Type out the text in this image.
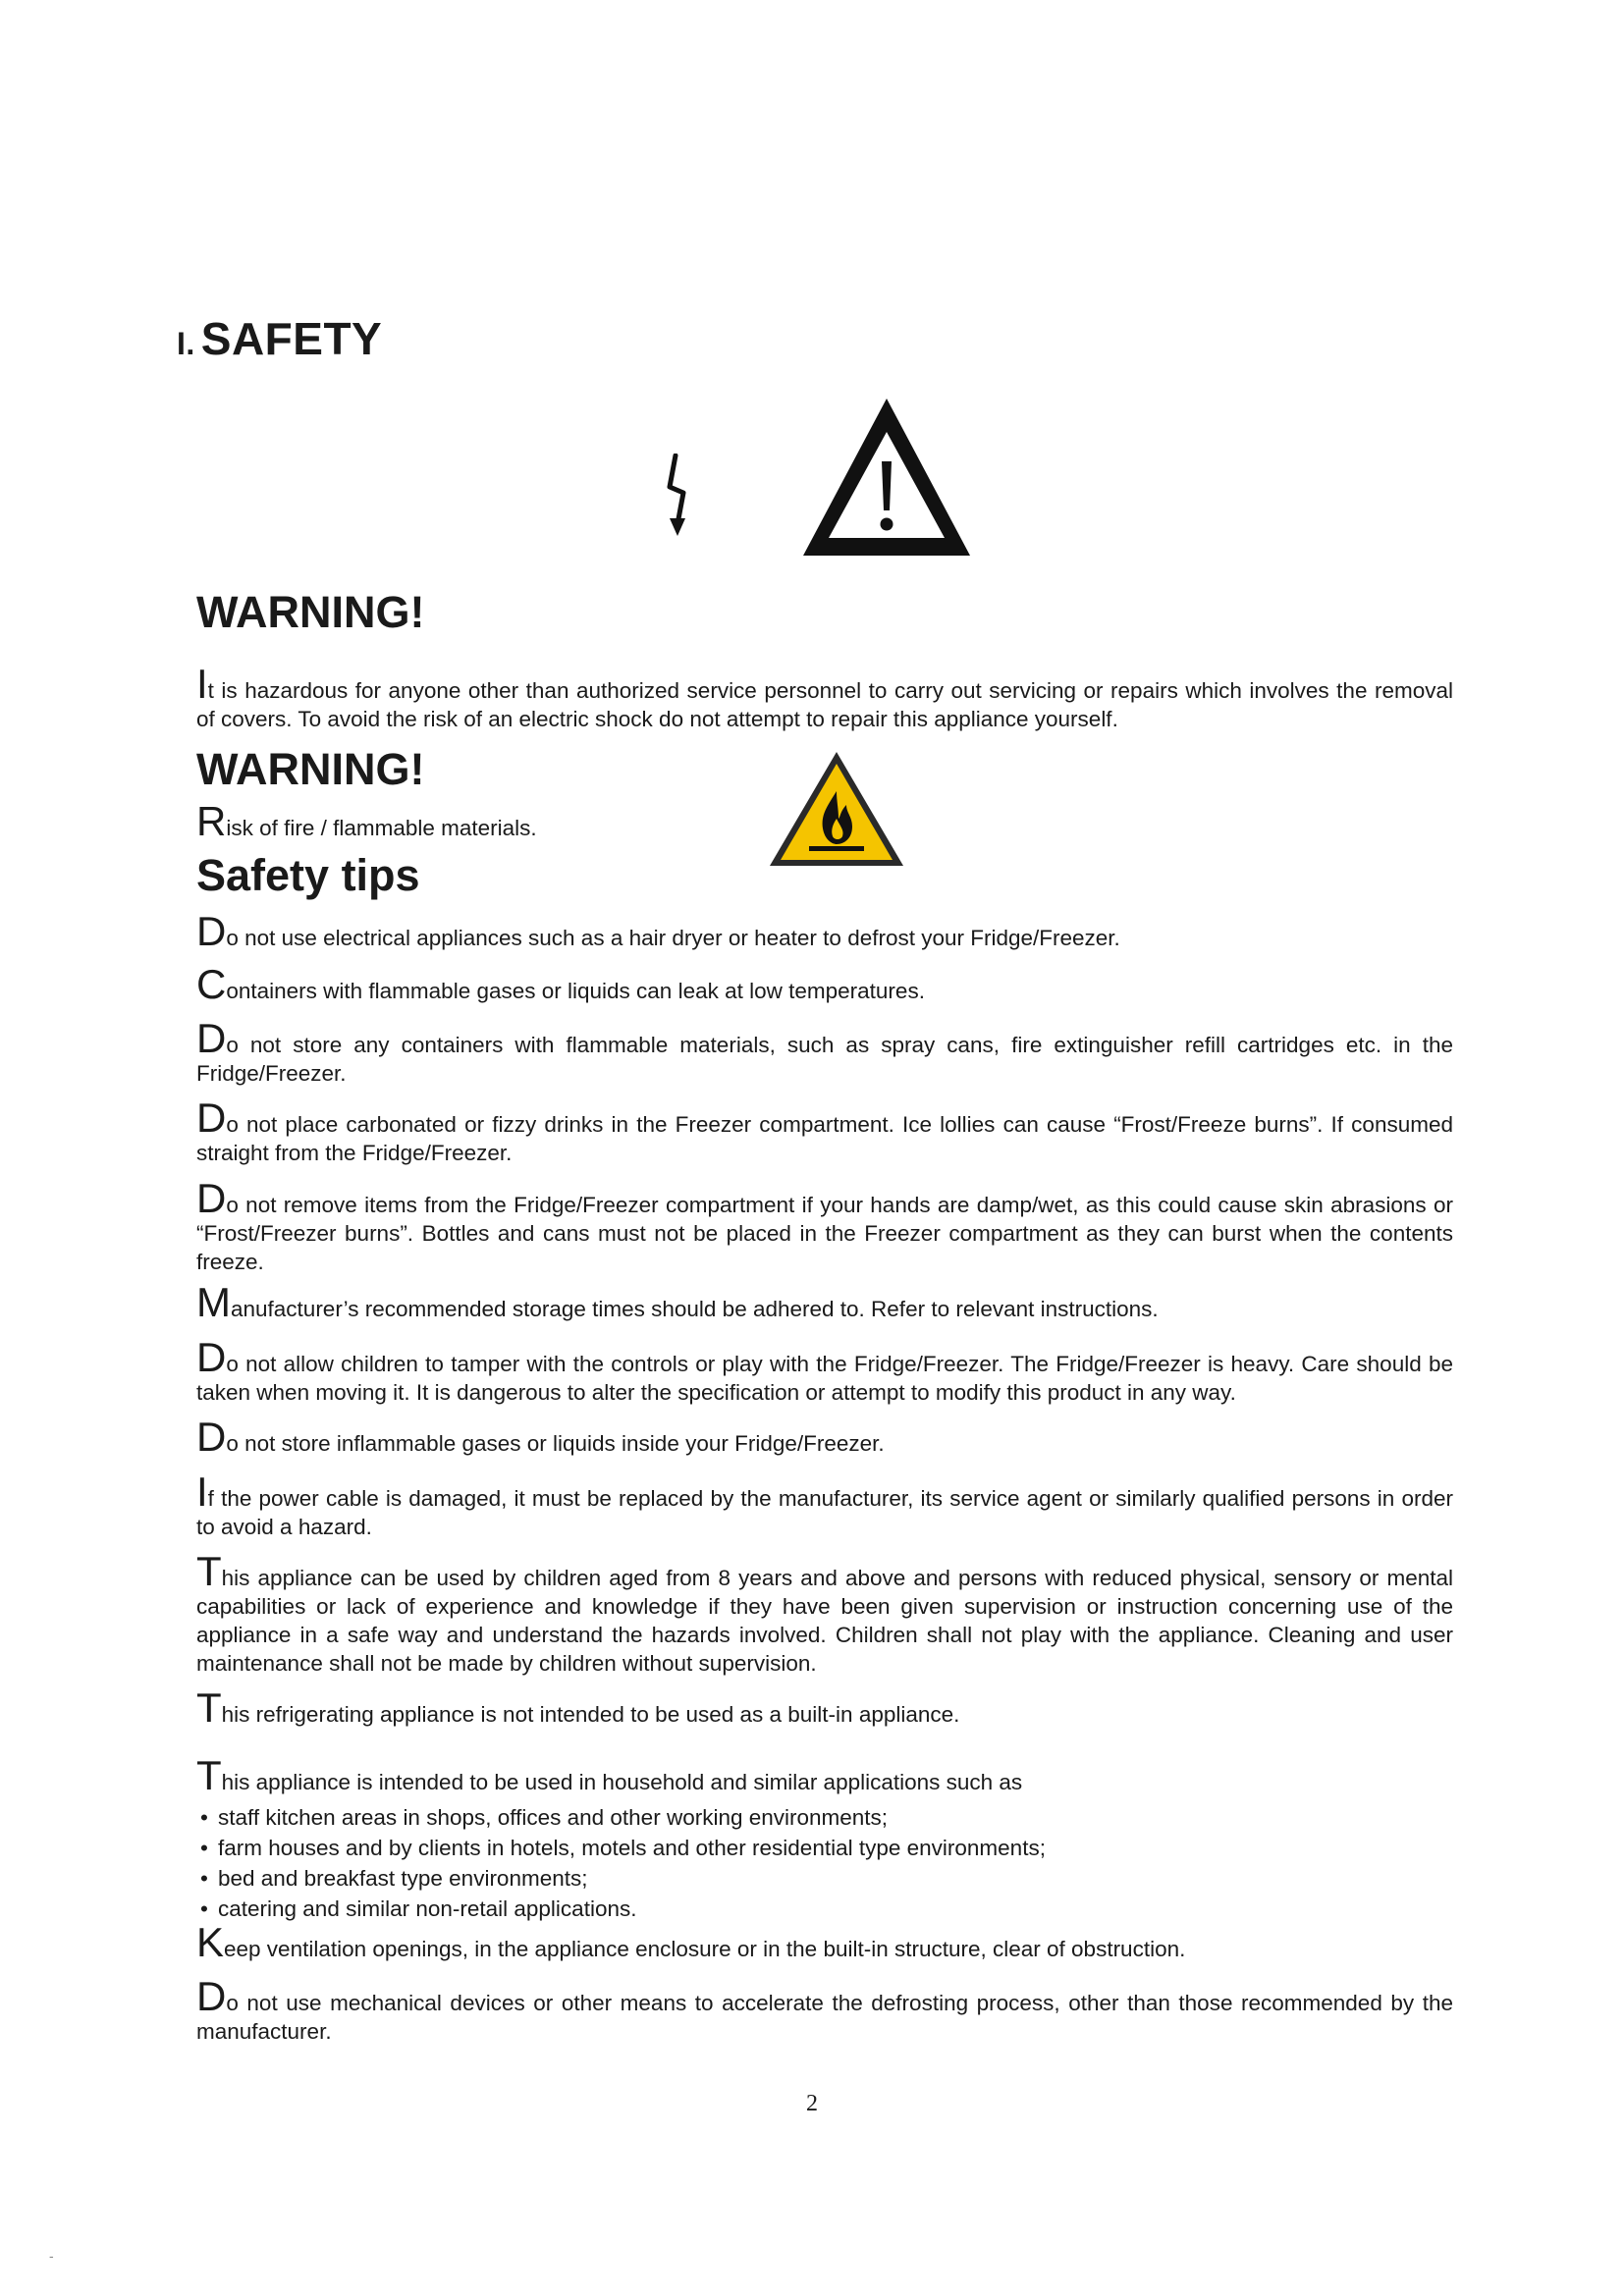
I. SAFETY
WARNING!

It is hazardous for anyone other than authorized service personnel to carry out servicing or repairs which involves the removal of covers. To avoid the risk of an electric shock do not attempt to repair this appliance yourself.

WARNING!

Risk of fire / flammable materials.

Safety tips

Do not use electrical appliances such as a hair dryer or heater to defrost your Fridge/Freezer.

Containers with flammable gases or liquids can leak at low temperatures.

Do not store any containers with flammable materials, such as spray cans, fire extinguisher refill cartridges etc. in the Fridge/Freezer.

Do not place carbonated or fizzy drinks in the Freezer compartment. Ice lollies can cause “Frost/Freeze burns”. If consumed straight from the Fridge/Freezer.

Do not remove items from the Fridge/Freezer compartment if your hands are damp/wet, as this could cause skin abrasions or “Frost/Freezer burns”. Bottles and cans must not be placed in the Freezer compartment as they can burst when the contents freeze.

Manufacturer’s recommended storage times should be adhered to. Refer to relevant instructions.

Do not allow children to tamper with the controls or play with the Fridge/Freezer. The Fridge/Freezer is heavy. Care should be taken when moving it. It is dangerous to alter the specification or attempt to modify this product in any way.

Do not store inflammable gases or liquids inside your Fridge/Freezer.

If the power cable is damaged, it must be replaced by the manufacturer, its service agent or similarly qualified persons in order to avoid a hazard.

This appliance can be used by children aged from 8 years and above and persons with reduced physical, sensory or mental capabilities or lack of experience and knowledge if they have been given supervision or instruction concerning use of the appliance in a safe way and understand the hazards involved. Children shall not play with the appliance. Cleaning and user maintenance shall not be made by children without supervision.

This refrigerating appliance is not intended to be used as a built-in appliance.

This appliance is intended to be used in household and similar applications such as

• staff kitchen areas in shops, offices and other working environments;
• farm houses and by clients in hotels, motels and other residential type environments;
• bed and breakfast type environments;
• catering and similar non-retail applications.

Keep ventilation openings, in the appliance enclosure or in the built-in structure, clear of obstruction.

Do not use mechanical devices or other means to accelerate the defrosting process, other than those recommended by the manufacturer.

2
-
